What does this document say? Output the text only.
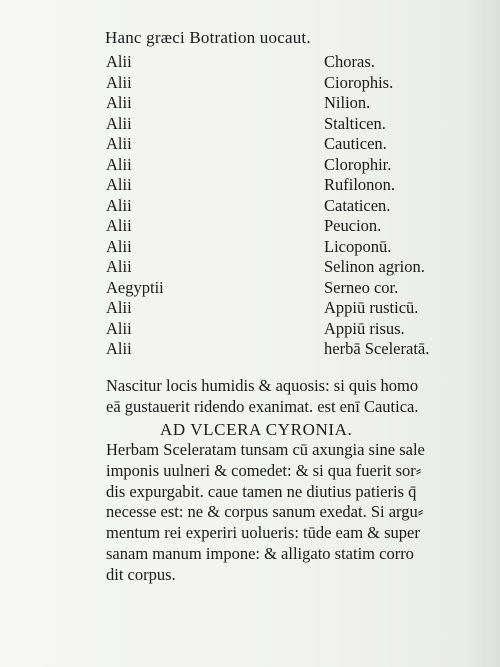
Hanc græci Botration uocaut.
Alii	Choras.
Alii	Ciorophis.
Alii	Nilion.
Alii	Stalticen.
Alii	Cauticen.
Alii	Clorophir.
Alii	Rufilonon.
Alii	Cataticen.
Alii	Peucion.
Alii	Licoponū.
Alii	Selinon agrion.
Aegyptii	Serneo cor.
Alii	Appiū rusticū.
Alii	Appiū risus.
Alii	herbā Sceleratā.
Nascitur locis humidis & aquosis: si quis homo
eā gustauerit ridendo exanimat. est enī Cautica.
AD VLCERA CYRONIA.
Herbam Sceleratam tunsam cū axungia sine sale
imponis uulneri & comedet: & si qua fuerit sor⸗
dis expurgabit. caue tamen ne diutius patieris q̄
necesse est: ne & corpus sanum exedat. Si argu⸗
mentum rei experiri uolueris: tūde eam & super
sanam manum impone: & alligato statim corro
dit corpus.
